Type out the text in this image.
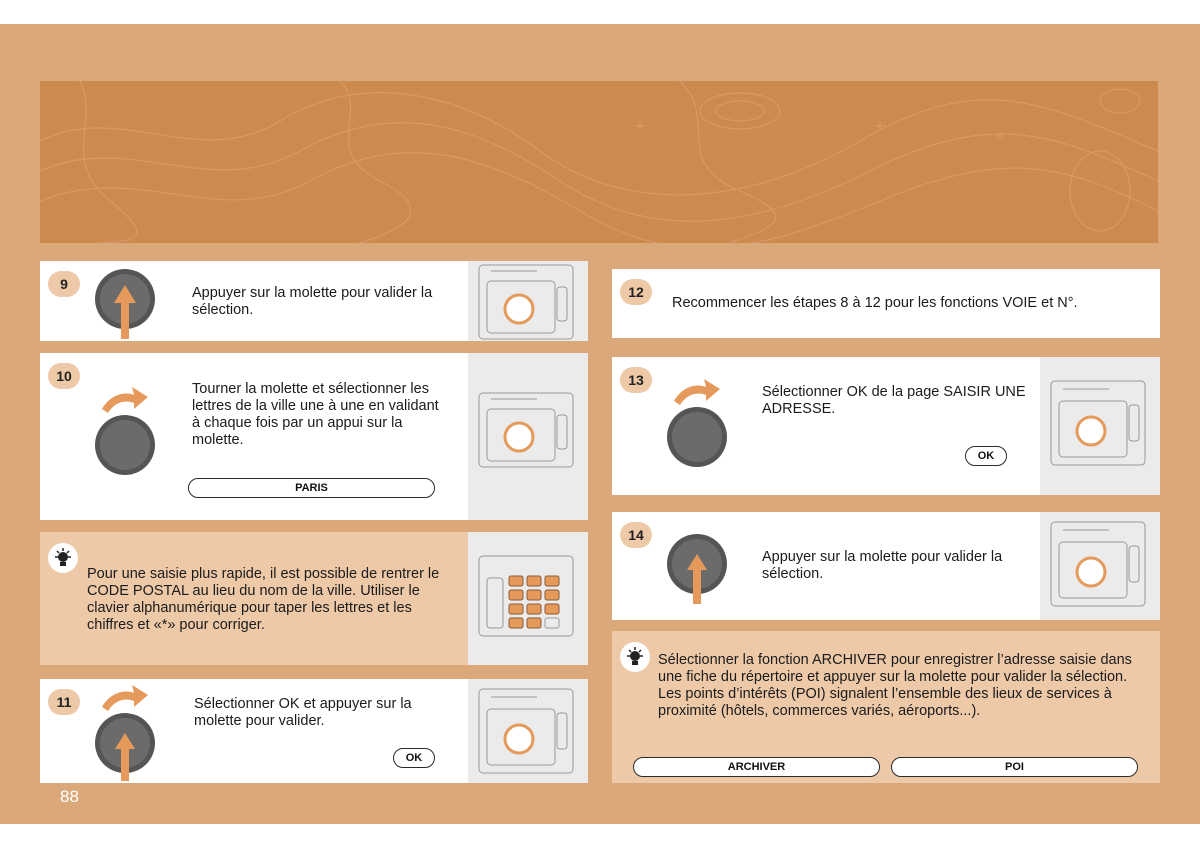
9
Appuyer sur la molette pour valider la sélection.
10
Tourner la molette et sélectionner les lettres de la ville une à une en validant à chaque fois par un appui sur la molette.
PARIS
Pour une saisie plus rapide, il est possible de rentrer le CODE POSTAL au lieu du nom de la ville. Utiliser le clavier alphanumérique pour taper les lettres et les chiffres et «*» pour corriger.
11	Sélectionner OK et appuyer sur la molette pour valider.
OK
12
Recommencer les étapes 8 à 12 pour les fonctions VOIE et N°.
13
Sélectionner OK de la page SAISIR UNE ADRESSE.
OK
14
Appuyer sur la molette pour valider la sélection.
Sélectionner la fonction ARCHIVER pour enregistrer l’adresse saisie dans une fiche du répertoire et appuyer sur la molette pour valider la sélection.
Les points d’intérêts (POI) signalent l’ensemble des lieux de services à proximité (hôtels, commerces variés, aéroports...).
ARCHIVER	POI
88
